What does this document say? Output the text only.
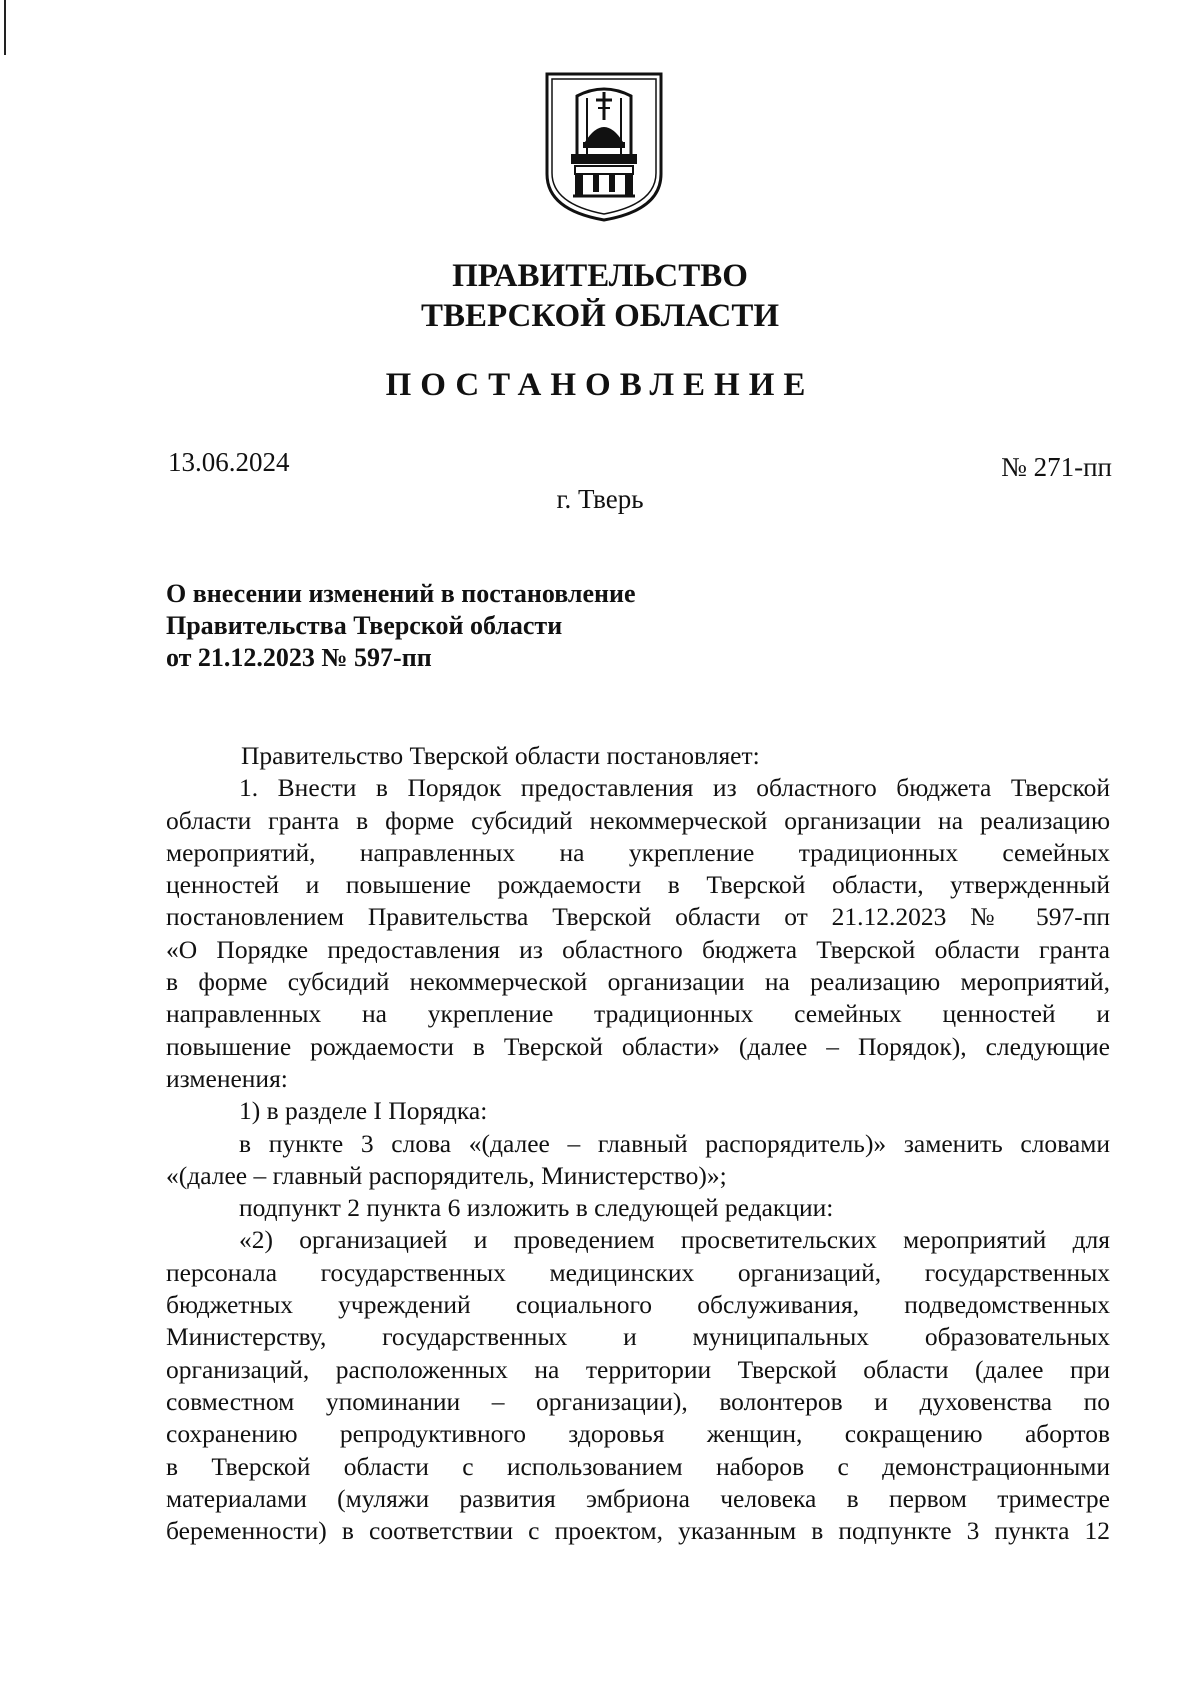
ПРАВИТЕЛЬСТВО
ТВЕРСКОЙ ОБЛАСТИ
ПОСТАНОВЛЕНИЕ
13.06.2024	№ 271-пп
г. Тверь
О внесении изменений в постановление
Правительства Тверской области
от 21.12.2023 № 597-пп
Правительство Тверской области постановляет:
1. Внести в Порядок предоставления из областного бюджета Тверской
области гранта в форме субсидий некоммерческой организации на реализацию
мероприятий, направленных на укрепление традиционных семейных
ценностей и повышение рождаемости в Тверской области, утвержденный
постановлением Правительства Тверской области от 21.12.2023 № 597-пп
«О Порядке предоставления из областного бюджета Тверской области гранта
в форме субсидий некоммерческой организации на реализацию мероприятий,
направленных на укрепление традиционных семейных ценностей и
повышение рождаемости в Тверской области» (далее – Порядок), следующие
изменения:
1) в разделе I Порядка:
в пункте 3 слова «(далее – главный распорядитель)» заменить словами
«(далее – главный распорядитель, Министерство)»;
подпункт 2 пункта 6 изложить в следующей редакции:
«2) организацией и проведением просветительских мероприятий для
персонала государственных медицинских организаций, государственных
бюджетных учреждений социального обслуживания, подведомственных
Министерству, государственных и муниципальных образовательных
организаций, расположенных на территории Тверской области (далее при
совместном упоминании – организации), волонтеров и духовенства по
сохранению репродуктивного здоровья женщин, сокращению абортов
в Тверской области с использованием наборов с демонстрационными
материалами (муляжи развития эмбриона человека в первом триместре
беременности) в соответствии с проектом, указанным в подпункте 3 пункта 12
